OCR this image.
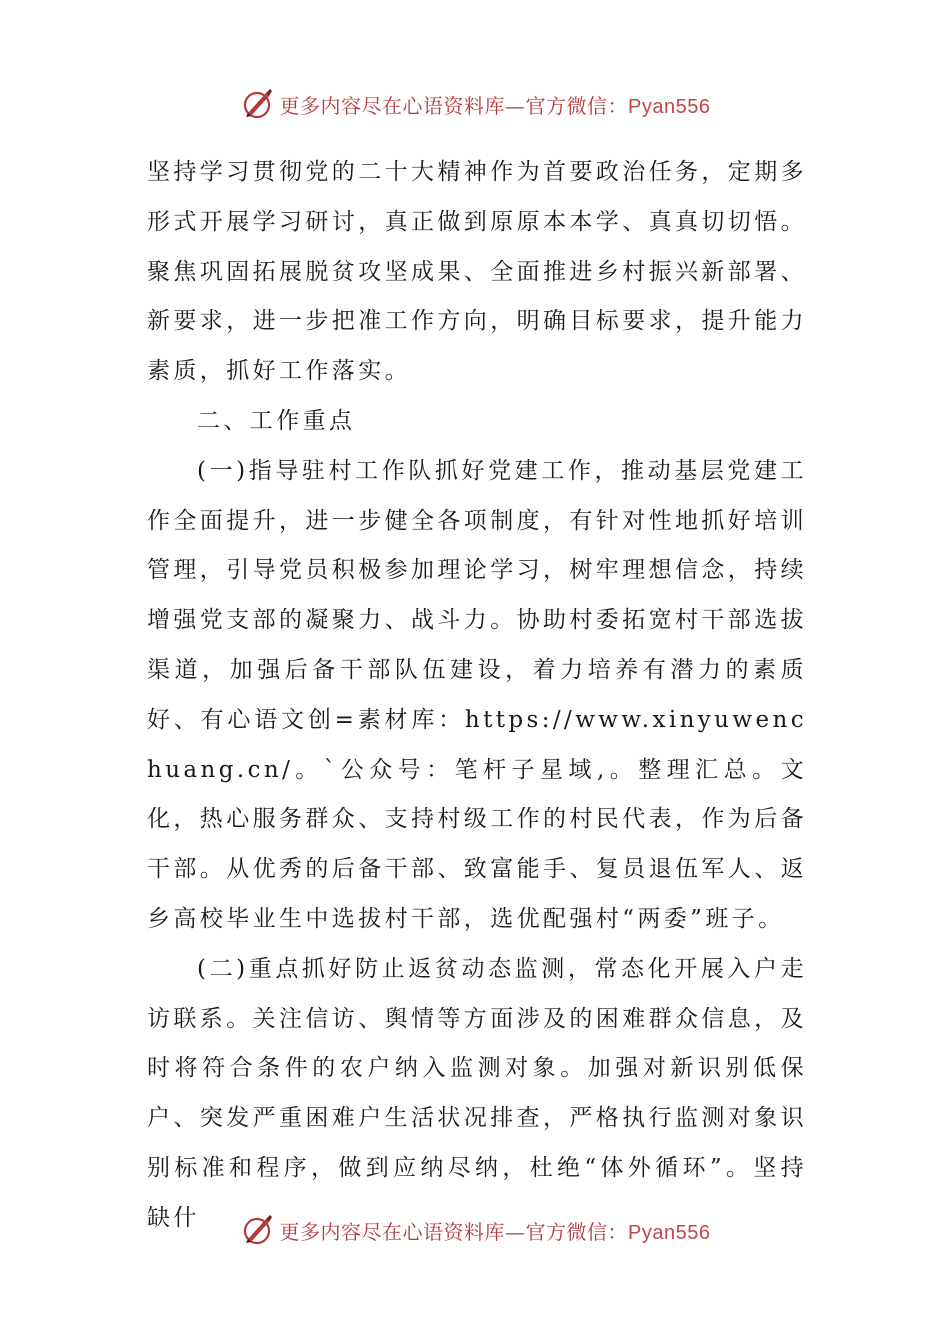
更多内容尽在心语资料库—官方微信：Pyan556

坚持学习贯彻党的二十大精神作为首要政治任务，定期多形式开展学习研讨，真正做到原原本本学、真真切切悟。聚焦巩固拓展脱贫攻坚成果、全面推进乡村振兴新部署、新要求，进一步把准工作方向，明确目标要求，提升能力素质，抓好工作落实。

二、工作重点

(一)指导驻村工作队抓好党建工作，推动基层党建工作全面提升，进一步健全各项制度，有针对性地抓好培训管理，引导党员积极参加理论学习，树牢理想信念，持续增强党支部的凝聚力、战斗力。协助村委拓宽村干部选拔渠道，加强后备干部队伍建设，着力培养有潜力的素质好、有心语文创=素材库：https://www.xinyuwenchuang.cn/。`公众号：笔杆子星域,。整理汇总。文化，热心服务群众、支持村级工作的村民代表，作为后备干部。从优秀的后备干部、致富能手、复员退伍军人、返乡高校毕业生中选拔村干部，选优配强村“两委”班子。

(二)重点抓好防止返贫动态监测，常态化开展入户走访联系。关注信访、舆情等方面涉及的困难群众信息，及时将符合条件的农户纳入监测对象。加强对新识别低保户、突发严重困难户生活状况排查，严格执行监测对象识别标准和程序，做到应纳尽纳，杜绝“体外循环”。坚持缺什

更多内容尽在心语资料库—官方微信：Pyan556
